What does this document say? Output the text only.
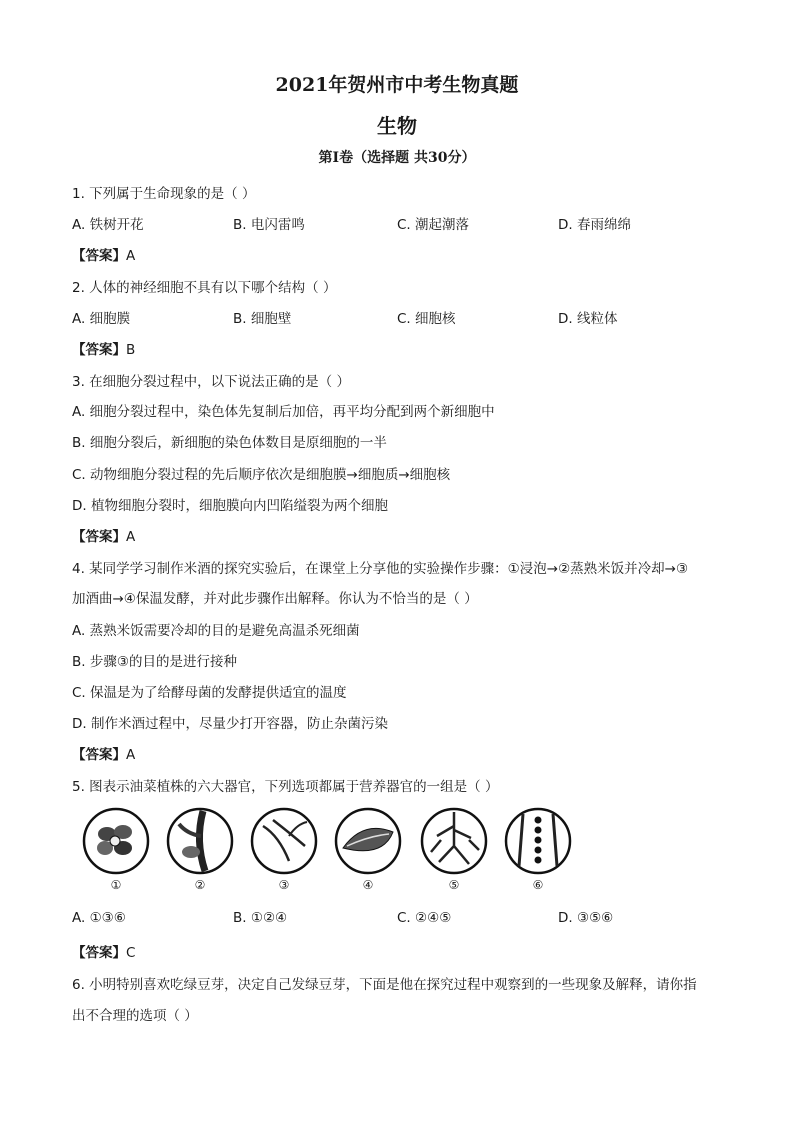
2021年贺州市中考生物真题
生物
第I卷（选择题 共30分）
1. 下列属于生命现象的是（ ）
A. 铁树开花	B. 电闪雷鸣	C. 潮起潮落	D. 春雨绵绵
【答案】A
2. 人体的神经细胞不具有以下哪个结构（ ）
A. 细胞膜	B. 细胞壁	C. 细胞核	D. 线粒体
【答案】B
3. 在细胞分裂过程中，以下说法正确的是（ ）
A. 细胞分裂过程中，染色体先复制后加倍，再平均分配到两个新细胞中
B. 细胞分裂后，新细胞的染色体数目是原细胞的一半
C. 动物细胞分裂过程的先后顺序依次是细胞膜→细胞质→细胞核
D. 植物细胞分裂时，细胞膜向内凹陷缢裂为两个细胞
【答案】A
4. 某同学学习制作米酒的探究实验后，在课堂上分享他的实验操作步骤：①浸泡→②蒸熟米饭并冷却→③
加酒曲→④保温发酵，并对此步骤作出解释。你认为不恰当的是（ ）
A. 蒸熟米饭需要冷却的目的是避免高温杀死细菌
B. 步骤③的目的是进行接种
C. 保温是为了给酵母菌的发酵提供适宜的温度
D. 制作米酒过程中，尽量少打开容器，防止杂菌污染
【答案】A
5. 图表示油菜植株的六大器官，下列选项都属于营养器官的一组是（ ）
①	②	③	④	⑤	⑥
A. ①③⑥	B. ①②④	C. ②④⑤	D. ③⑤⑥
【答案】C
6. 小明特别喜欢吃绿豆芽，决定自己发绿豆芽，下面是他在探究过程中观察到的一些现象及解释，请你指
出不合理的选项（ ）
